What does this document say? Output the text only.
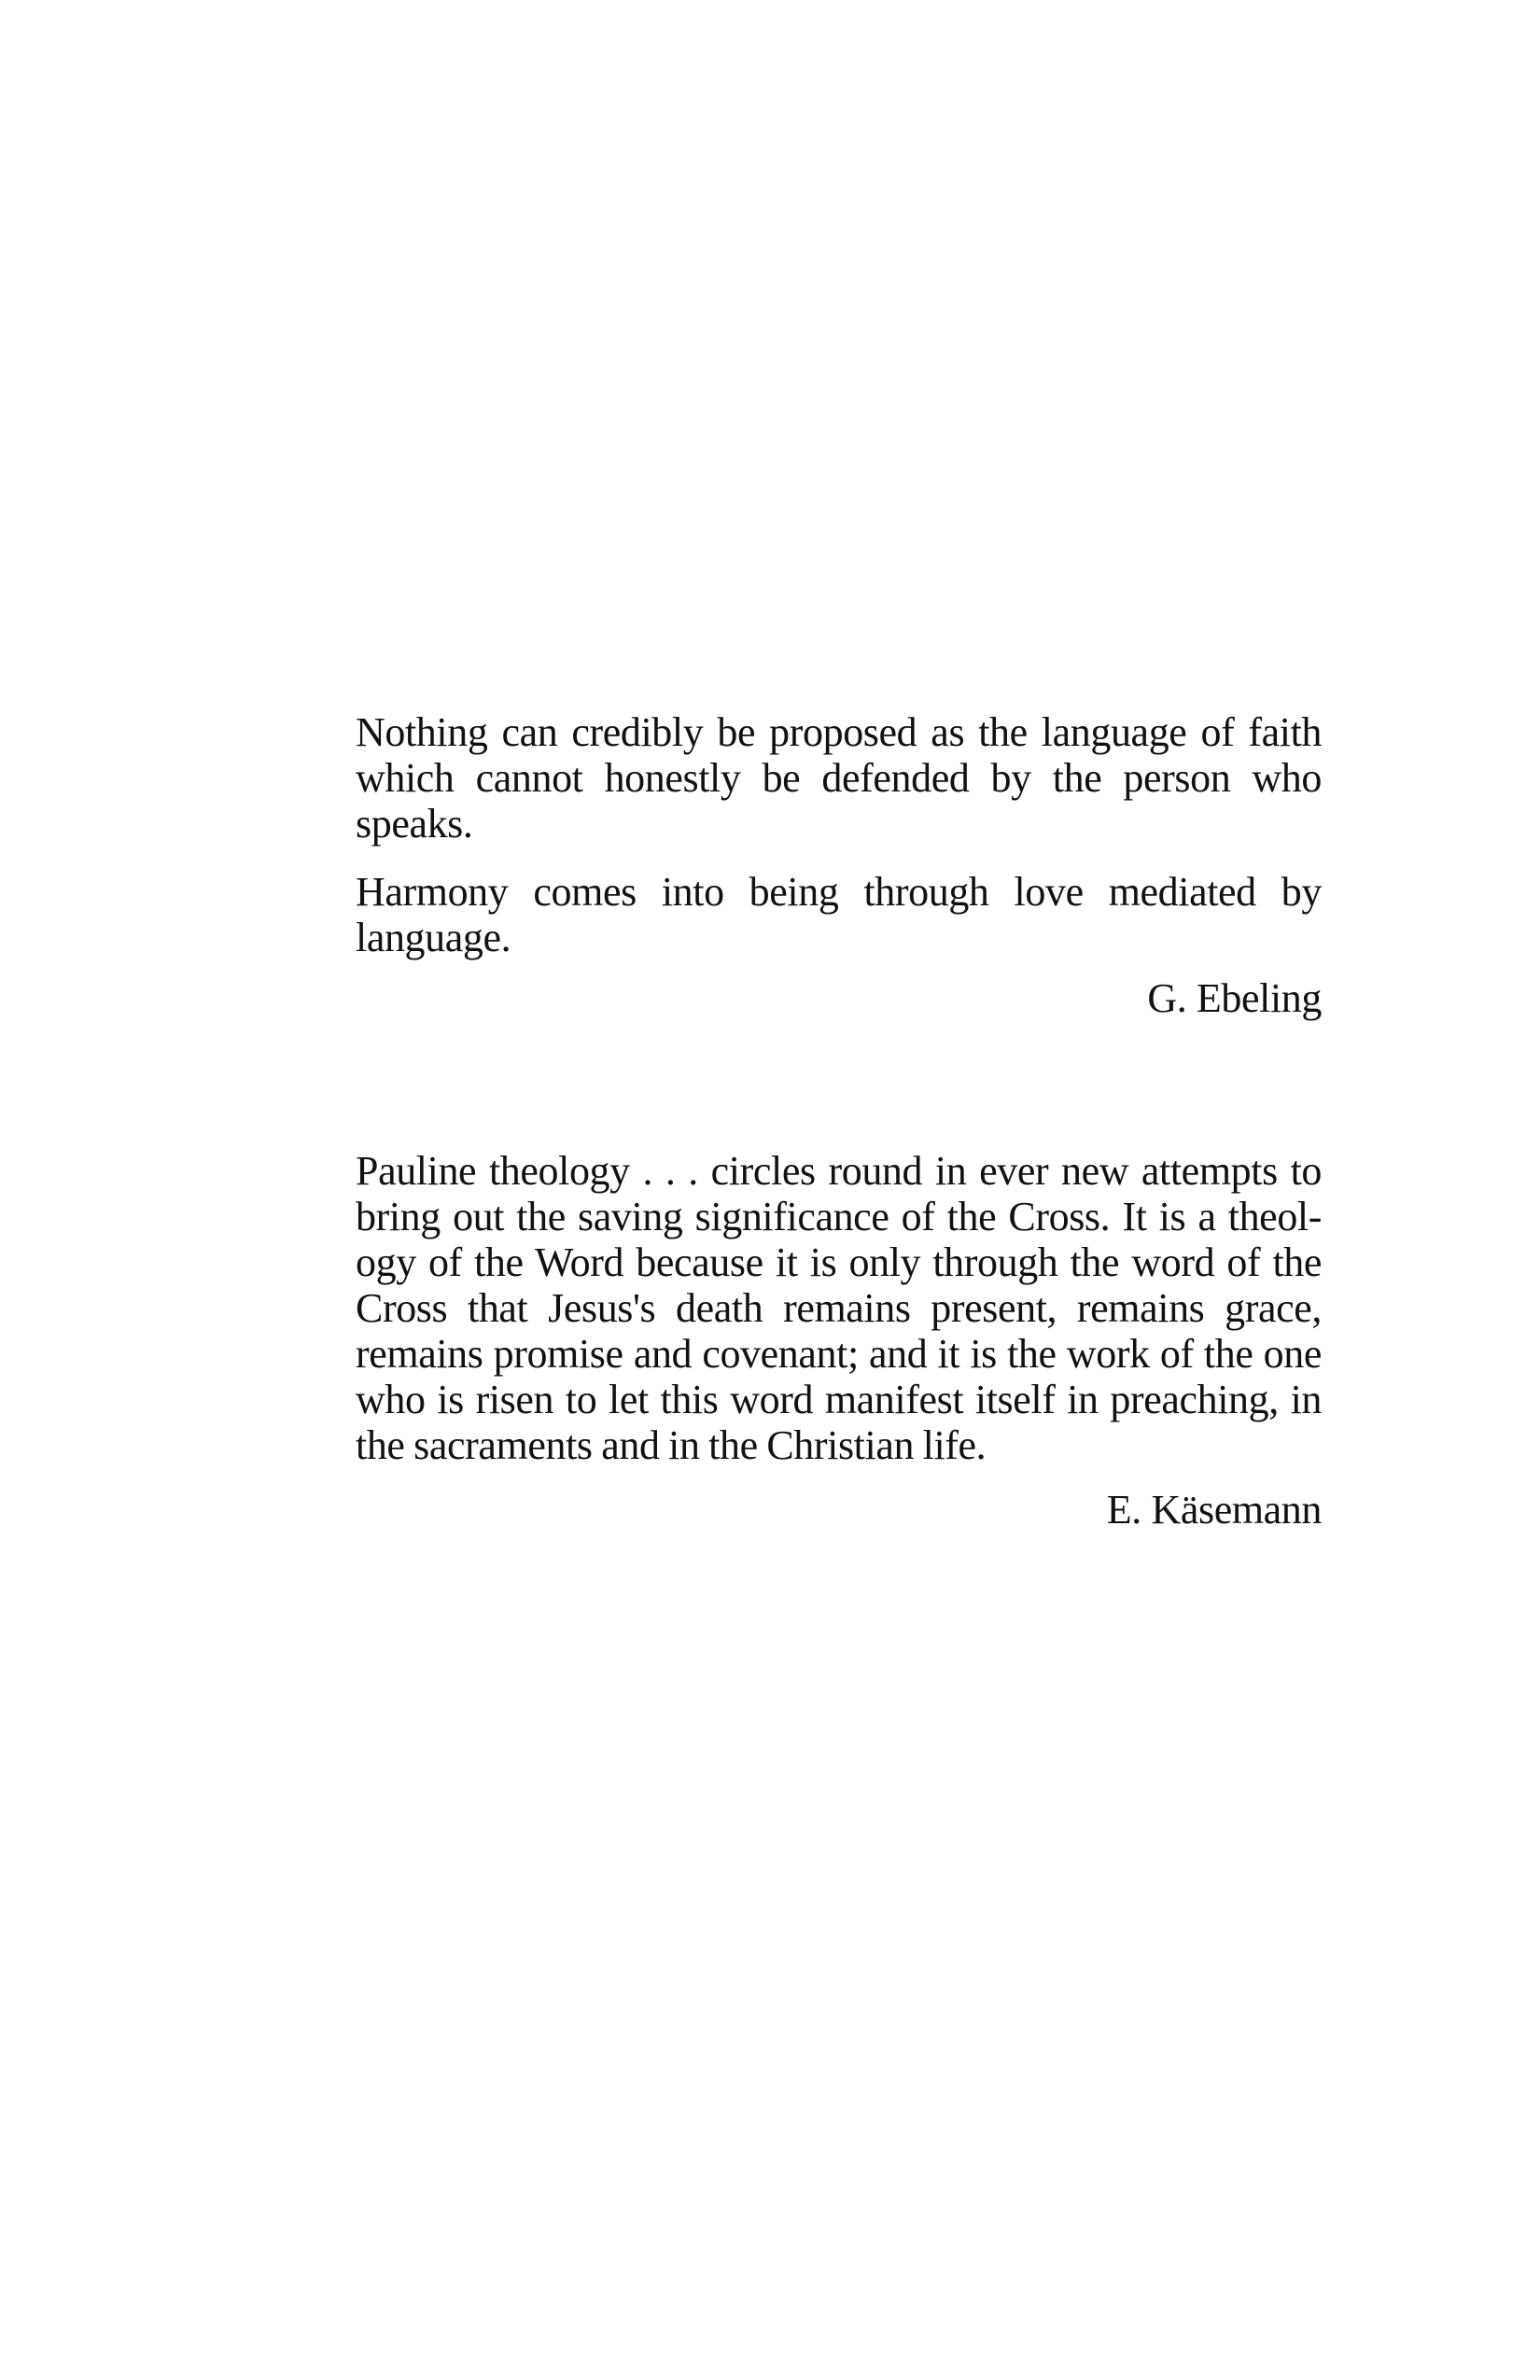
Nothing can credibly be proposed as the language of faith which cannot honestly be defended by the person who speaks.

Harmony comes into being through love mediated by language.

G. Ebeling

Pauline theology . . . circles round in ever new attempts to bring out the saving significance of the Cross. It is a theol- ogy of the Word because it is only through the word of the Cross that Jesus's death remains present, remains grace, remains promise and covenant; and it is the work of the one who is risen to let this word manifest itself in preaching, in the sacraments and in the Christian life.

E. Käsemann
